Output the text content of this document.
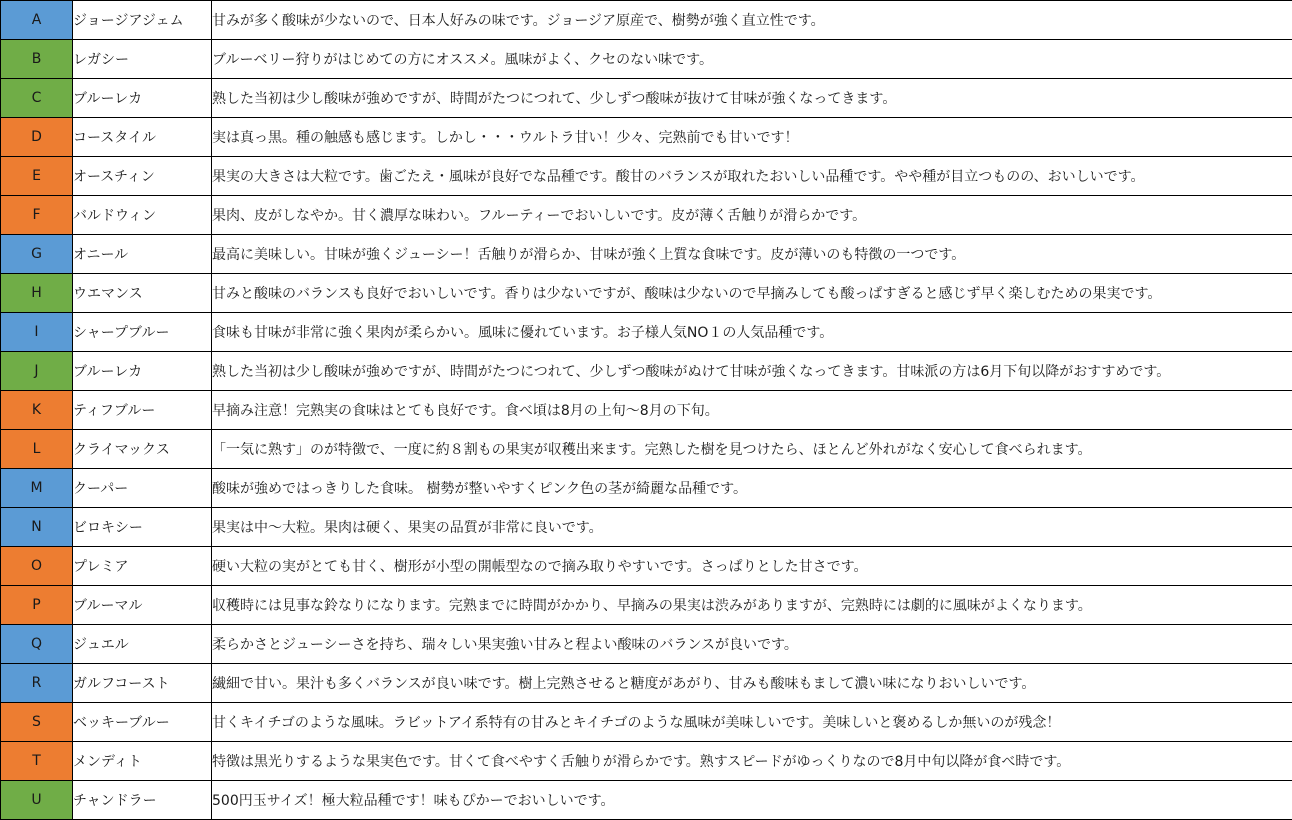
A	ジョージアジェム	甘みが多く酸味が少ないので、日本人好みの味です。ジョージア原産で、樹勢が強く直立性です。
B	レガシー	ブルーベリー狩りがはじめての方にオススメ。風味がよく、クセのない味です。
C	ブルーレカ	熟した当初は少し酸味が強めですが、時間がたつにつれて、少しずつ酸味が抜けて甘味が強くなってきます。
D	コースタイル	実は真っ黒。種の触感も感じます。しかし・・・ウルトラ甘い！少々、完熟前でも甘いです！
E	オースチィン	果実の大きさは大粒です。歯ごたえ・風味が良好でな品種です。酸甘のバランスが取れたおいしい品種です。やや種が目立つものの、おいしいです。
F	バルドウィン	果肉、皮がしなやか。甘く濃厚な味わい。フルーティーでおいしいです。皮が薄く舌触りが滑らかです。
G	オニール	最高に美味しい。甘味が強くジューシー！舌触りが滑らか、甘味が強く上質な食味です。皮が薄いのも特徴の一つです。
H	ウエマンス	甘みと酸味のバランスも良好でおいしいです。香りは少ないですが、酸味は少ないので早摘みしても酸っぱすぎると感じず早く楽しむための果実です。
I	シャープブルー	食味も甘味が非常に強く果肉が柔らかい。風味に優れています。お子様人気NO１の人気品種です。
J	ブルーレカ	熟した当初は少し酸味が強めですが、時間がたつにつれて、少しずつ酸味がぬけて甘味が強くなってきます。甘味派の方は6月下旬以降がおすすめです。
K	ティフブルー	早摘み注意！完熟実の食味はとても良好です。食べ頃は8月の上旬～8月の下旬。
L	クライマックス	「一気に熟す」のが特徴で、一度に約８割もの果実が収穫出来ます。完熟した樹を見つけたら、ほとんど外れがなく安心して食べられます。
M	クーパー	酸味が強めではっきりした食味。 樹勢が整いやすくピンク色の茎が綺麗な品種です。
N	ビロキシー	果実は中～大粒。果肉は硬く、果実の品質が非常に良いです。
O	プレミア	硬い大粒の実がとても甘く、樹形が小型の開帳型なので摘み取りやすいです。さっぱりとした甘さです。
P	ブルーマル	収穫時には見事な鈴なりになります。完熟までに時間がかかり、早摘みの果実は渋みがありますが、完熟時には劇的に風味がよくなります。
Q	ジュエル	柔らかさとジューシーさを持ち、瑞々しい果実強い甘みと程よい酸味のバランスが良いです。
R	ガルフコースト	繊細で甘い。果汁も多くバランスが良い味です。樹上完熟させると糖度があがり、甘みも酸味もまして濃い味になりおいしいです。
S	ベッキーブルー	甘くキイチゴのような風味。ラビットアイ系特有の甘みとキイチゴのような風味が美味しいです。美味しいと褒めるしか無いのが残念！
T	メンディト	特徴は黒光りするような果実色です。甘くて食べやすく舌触りが滑らかです。熟すスピードがゆっくりなので8月中旬以降が食べ時です。
U	チャンドラー	500円玉サイズ！極大粒品種です！味もぴかーでおいしいです。
